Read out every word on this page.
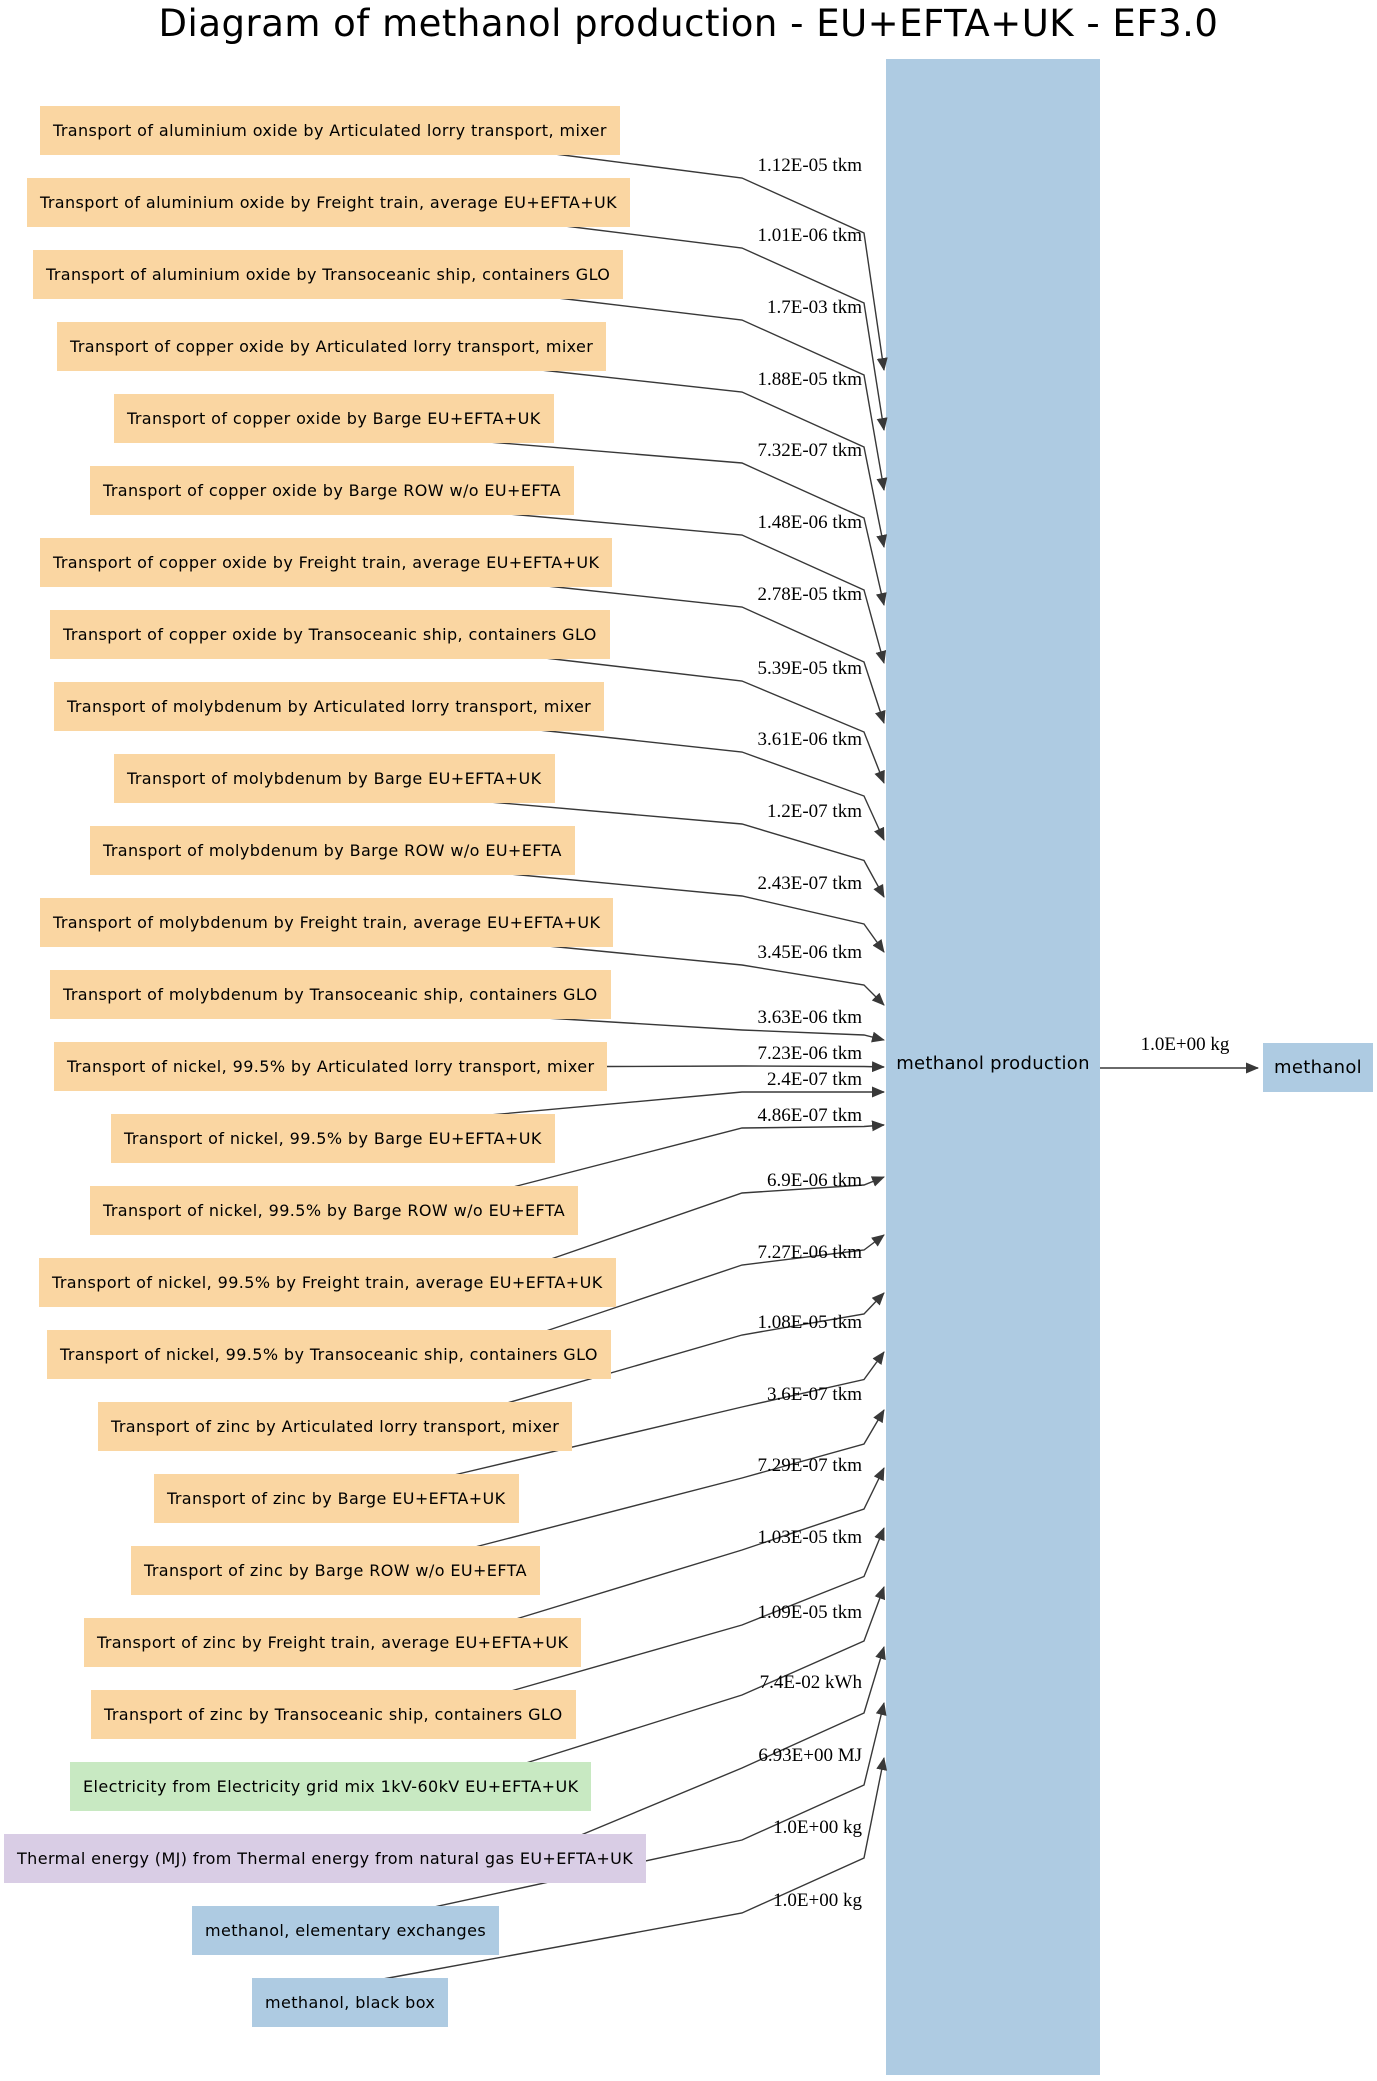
Diagram of methanol production - EU+EFTA+UK - EF3.0
methanol production	methanol
1.0E+00 kg
Transport of aluminium oxide by Articulated lorry transport, mixer
1.12E-05 tkm
Transport of aluminium oxide by Freight train, average EU+EFTA+UK
1.01E-06 tkm
Transport of aluminium oxide by Transoceanic ship, containers GLO
1.7E-03 tkm
Transport of copper oxide by Articulated lorry transport, mixer
1.88E-05 tkm
Transport of copper oxide by Barge EU+EFTA+UK
7.32E-07 tkm
Transport of copper oxide by Barge ROW w/o EU+EFTA
1.48E-06 tkm
Transport of copper oxide by Freight train, average EU+EFTA+UK
2.78E-05 tkm
Transport of copper oxide by Transoceanic ship, containers GLO
5.39E-05 tkm
Transport of molybdenum by Articulated lorry transport, mixer
3.61E-06 tkm
Transport of molybdenum by Barge EU+EFTA+UK
1.2E-07 tkm
Transport of molybdenum by Barge ROW w/o EU+EFTA
2.43E-07 tkm
Transport of molybdenum by Freight train, average EU+EFTA+UK
3.45E-06 tkm
Transport of molybdenum by Transoceanic ship, containers GLO
3.63E-06 tkm
Transport of nickel, 99.5% by Articulated lorry transport, mixer
7.23E-06 tkm
Transport of nickel, 99.5% by Barge EU+EFTA+UK
2.4E-07 tkm
Transport of nickel, 99.5% by Barge ROW w/o EU+EFTA
4.86E-07 tkm
Transport of nickel, 99.5% by Freight train, average EU+EFTA+UK
6.9E-06 tkm
Transport of nickel, 99.5% by Transoceanic ship, containers GLO
7.27E-06 tkm
Transport of zinc by Articulated lorry transport, mixer
1.08E-05 tkm
Transport of zinc by Barge EU+EFTA+UK
3.6E-07 tkm
Transport of zinc by Barge ROW w/o EU+EFTA
7.29E-07 tkm
Transport of zinc by Freight train, average EU+EFTA+UK
1.03E-05 tkm
Transport of zinc by Transoceanic ship, containers GLO
1.09E-05 tkm
Electricity from Electricity grid mix 1kV-60kV EU+EFTA+UK
7.4E-02 kWh
Thermal energy (MJ) from Thermal energy from natural gas EU+EFTA+UK
6.93E+00 MJ
methanol, elementary exchanges
1.0E+00 kg
methanol, black box
1.0E+00 kg
